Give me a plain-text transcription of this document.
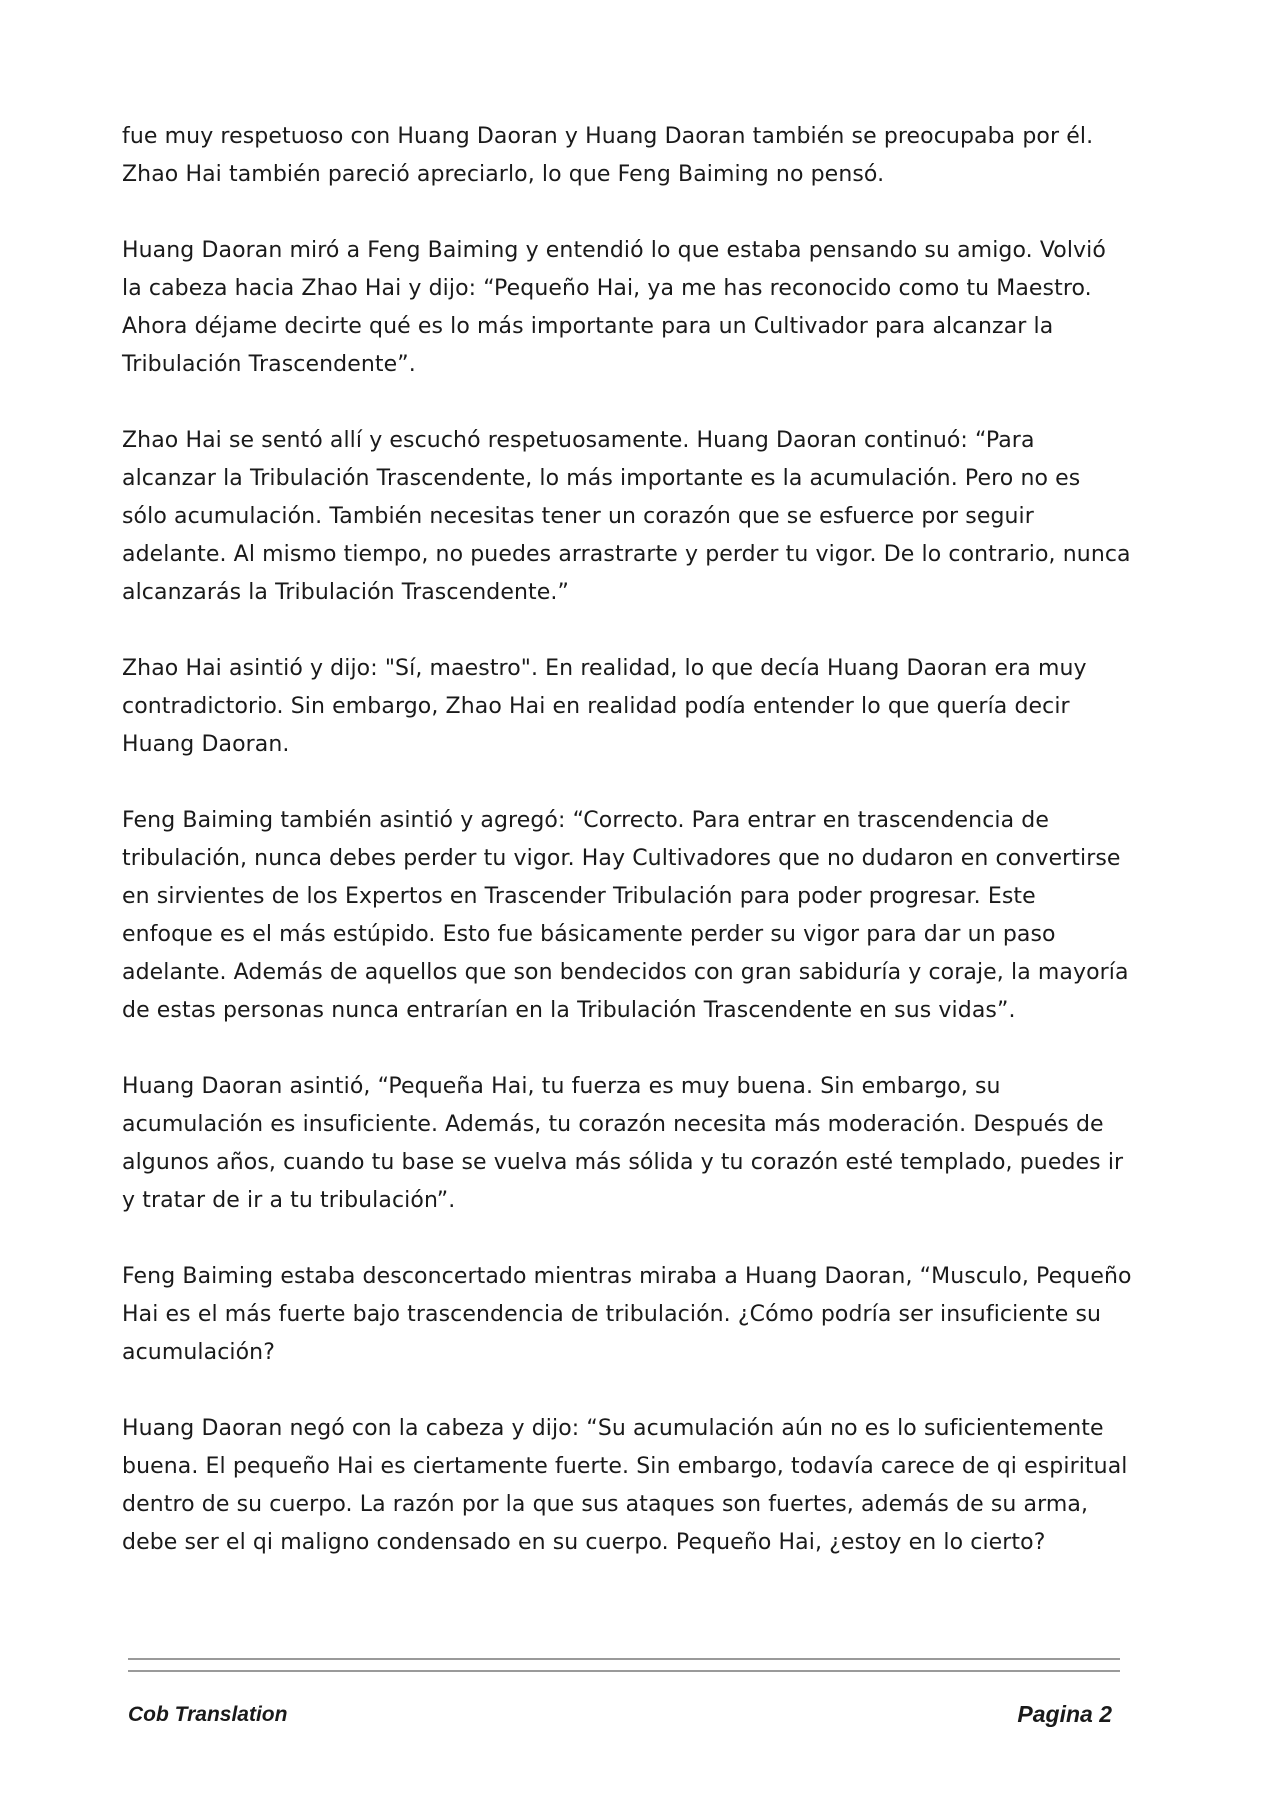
fue muy respetuoso con Huang Daoran y Huang Daoran también se preocupaba por él. Zhao Hai también pareció apreciarlo, lo que Feng Baiming no pensó.

Huang Daoran miró a Feng Baiming y entendió lo que estaba pensando su amigo. Volvió la cabeza hacia Zhao Hai y dijo: “Pequeño Hai, ya me has reconocido como tu Maestro. Ahora déjame decirte qué es lo más importante para un Cultivador para alcanzar la Tribulación Trascendente”.

Zhao Hai se sentó allí y escuchó respetuosamente. Huang Daoran continuó: “Para alcanzar la Tribulación Trascendente, lo más importante es la acumulación. Pero no es sólo acumulación. También necesitas tener un corazón que se esfuerce por seguir adelante. Al mismo tiempo, no puedes arrastrarte y perder tu vigor. De lo contrario, nunca alcanzarás la Tribulación Trascendente.”

Zhao Hai asintió y dijo: "Sí, maestro". En realidad, lo que decía Huang Daoran era muy contradictorio. Sin embargo, Zhao Hai en realidad podía entender lo que quería decir Huang Daoran.

Feng Baiming también asintió y agregó: “Correcto. Para entrar en trascendencia de tribulación, nunca debes perder tu vigor. Hay Cultivadores que no dudaron en convertirse en sirvientes de los Expertos en Trascender Tribulación para poder progresar. Este enfoque es el más estúpido. Esto fue básicamente perder su vigor para dar un paso adelante. Además de aquellos que son bendecidos con gran sabiduría y coraje, la mayoría de estas personas nunca entrarían en la Tribulación Trascendente en sus vidas”.

Huang Daoran asintió, “Pequeña Hai, tu fuerza es muy buena. Sin embargo, su acumulación es insuficiente. Además, tu corazón necesita más moderación. Después de algunos años, cuando tu base se vuelva más sólida y tu corazón esté templado, puedes ir y tratar de ir a tu tribulación”.

Feng Baiming estaba desconcertado mientras miraba a Huang Daoran, “Musculo, Pequeño Hai es el más fuerte bajo trascendencia de tribulación. ¿Cómo podría ser insuficiente su acumulación?

Huang Daoran negó con la cabeza y dijo: “Su acumulación aún no es lo suficientemente buena. El pequeño Hai es ciertamente fuerte. Sin embargo, todavía carece de qi espiritual dentro de su cuerpo. La razón por la que sus ataques son fuertes, además de su arma, debe ser el qi maligno condensado en su cuerpo. Pequeño Hai, ¿estoy en lo cierto?

Cob Translation	Pagina 2
